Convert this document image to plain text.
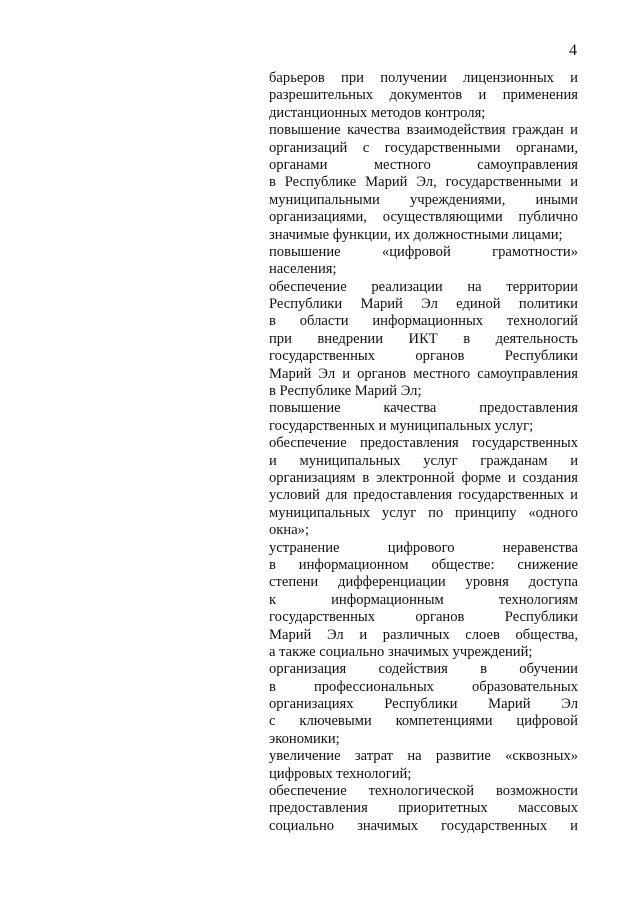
4
барьеров при получении лицензионных и
разрешительных документов и применения
дистанционных методов контроля;
повышение качества взаимодействия граждан и
организаций с государственными органами,
органами местного самоуправления
в Республике Марий Эл, государственными и
муниципальными учреждениями, иными
организациями, осуществляющими публично
значимые функции, их должностными лицами;
повышение «цифровой грамотности»
населения;
обеспечение реализации на территории
Республики Марий Эл единой политики
в области информационных технологий
при внедрении ИКТ в деятельность
государственных органов Республики
Марий Эл и органов местного самоуправления
в Республике Марий Эл;
повышение качества предоставления
государственных и муниципальных услуг;
обеспечение предоставления государственных
и муниципальных услуг гражданам и
организациям в электронной форме и создания
условий для предоставления государственных и
муниципальных услуг по принципу «одного
окна»;
устранение цифрового неравенства
в информационном обществе: снижение
степени дифференциации уровня доступа
к информационным технологиям
государственных органов Республики
Марий Эл и различных слоев общества,
а также социально значимых учреждений;
организация содействия в обучении
в профессиональных образовательных
организациях Республики Марий Эл
с ключевыми компетенциями цифровой
экономики;
увеличение затрат на развитие «сквозных»
цифровых технологий;
обеспечение технологической возможности
предоставления приоритетных массовых
социально значимых государственных и
